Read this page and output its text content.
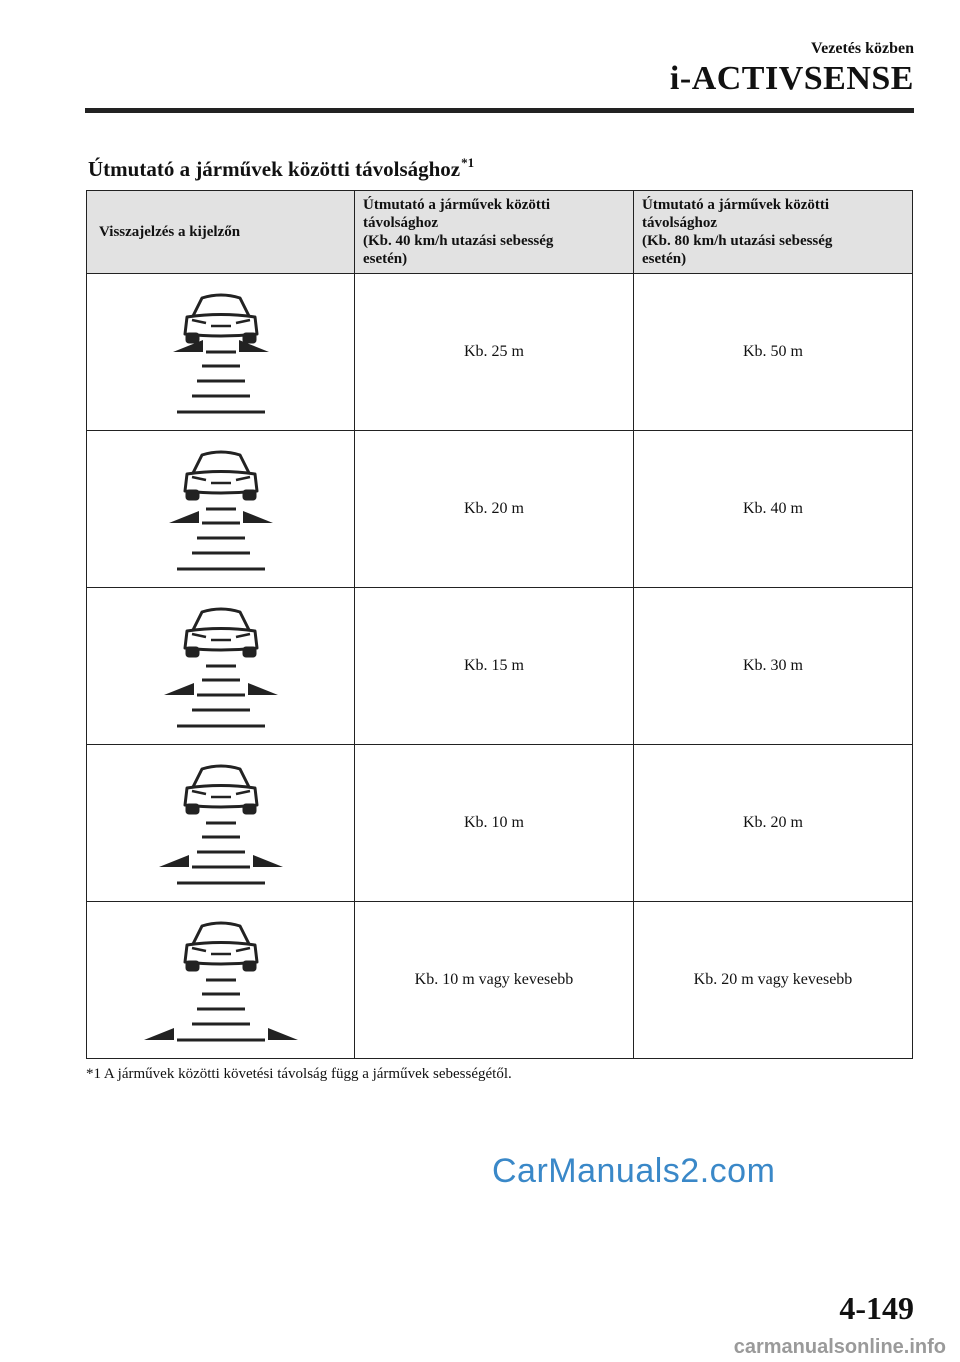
Vezetés közben
i-ACTIVSENSE
Útmutató a járművek közötti távolsághoz$^{*1}$
Visszajelzés a kijelzőn	Útmutató a járművek közötti
távolsághoz
(Kb. 40 km/h utazási sebesség
esetén)	Útmutató a járművek közötti
távolsághoz
(Kb. 80 km/h utazási sebesség
esetén)

	Kb. 25 m	Kb. 50 m

	Kb. 20 m	Kb. 40 m

	Kb. 15 m	Kb. 30 m

	Kb. 10 m	Kb. 20 m

	Kb. 10 m vagy kevesebb	Kb. 20 m vagy kevesebb
*1 A járművek közötti követési távolság függ a járművek sebességétől.
CarManuals2.com
4-149
carmanualsonline.info
